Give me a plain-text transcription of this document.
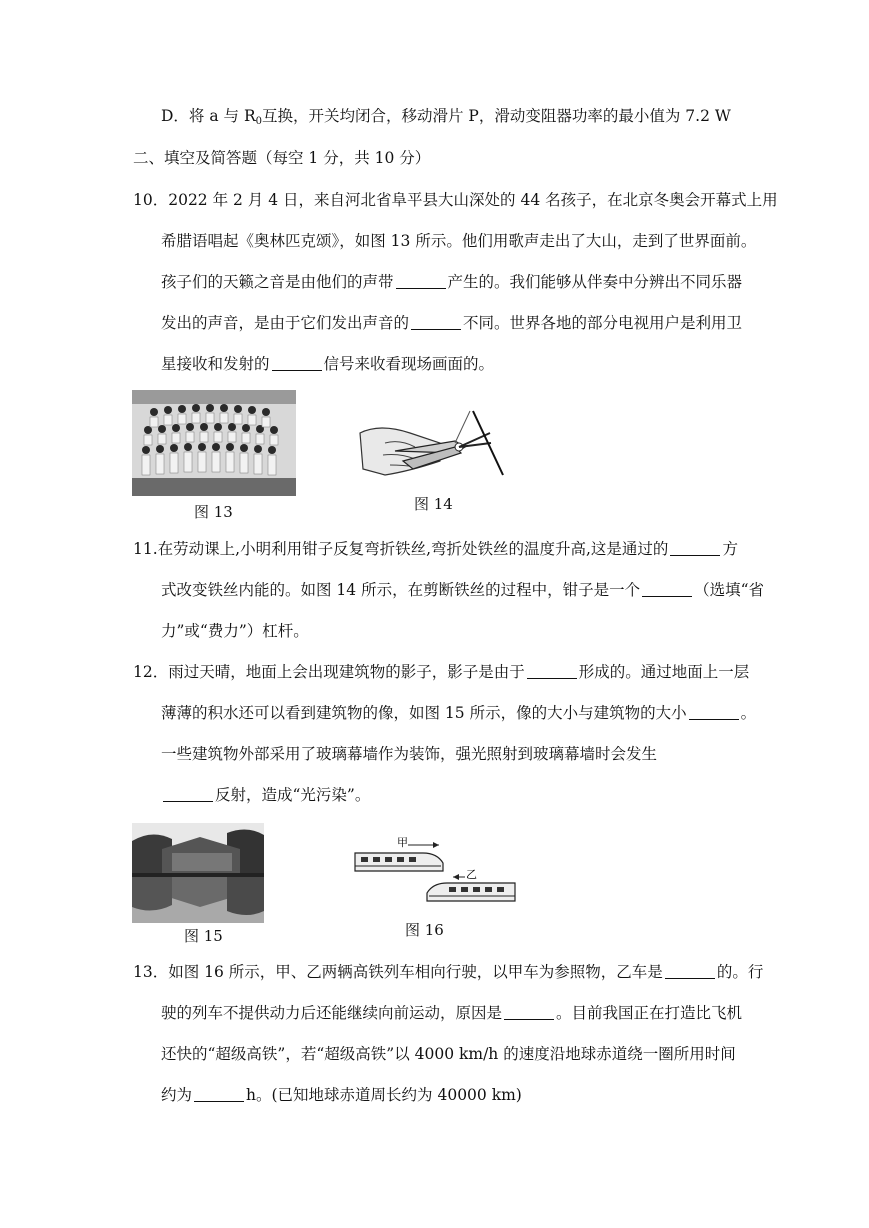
D．将 a 与 $R_0$互换，开关均闭合，移动滑片 P，滑动变阻器功率的最小值为 7.2 W
二、填空及简答题（每空 1 分，共 10 分）
10．2022 年 2 月 4 日，来自河北省阜平县大山深处的 44 名孩子，在北京冬奥会开幕式上用
希腊语唱起《奥林匹克颂》，如图 13 所示。他们用歌声走出了大山，走到了世界面前。
孩子们的天籁之音是由他们的声带	产生的。我们能够从伴奏中分辨出不同乐器
发出的声音，是由于它们发出声音的	不同。世界各地的部分电视用户是利用卫
星接收和发射的	信号来收看现场画面的。
图 13	图 14
11.在劳动课上,小明利用钳子反复弯折铁丝,弯折处铁丝的温度升高,这是通过的	方
式改变铁丝内能的。如图 14 所示，在剪断铁丝的过程中，钳子是一个	（选填“省
力”或“费力”）杠杆。
12．雨过天晴，地面上会出现建筑物的影子，影子是由于	形成的。通过地面上一层
薄薄的积水还可以看到建筑物的像，如图 15 所示，像的大小与建筑物的大小	。
一些建筑物外部采用了玻璃幕墙作为装饰，强光照射到玻璃幕墙时会发生
反射，造成“光污染”。
图 15
甲
乙
图 16
13．如图 16 所示，甲、乙两辆高铁列车相向行驶，以甲车为参照物，乙车是	的。行
驶的列车不提供动力后还能继续向前运动，原因是	。目前我国正在打造比飞机
还快的“超级高铁”，若“超级高铁”以 4000 km/h 的速度沿地球赤道绕一圈所用时间
约为	h。(已知地球赤道周长约为 40000 km)
